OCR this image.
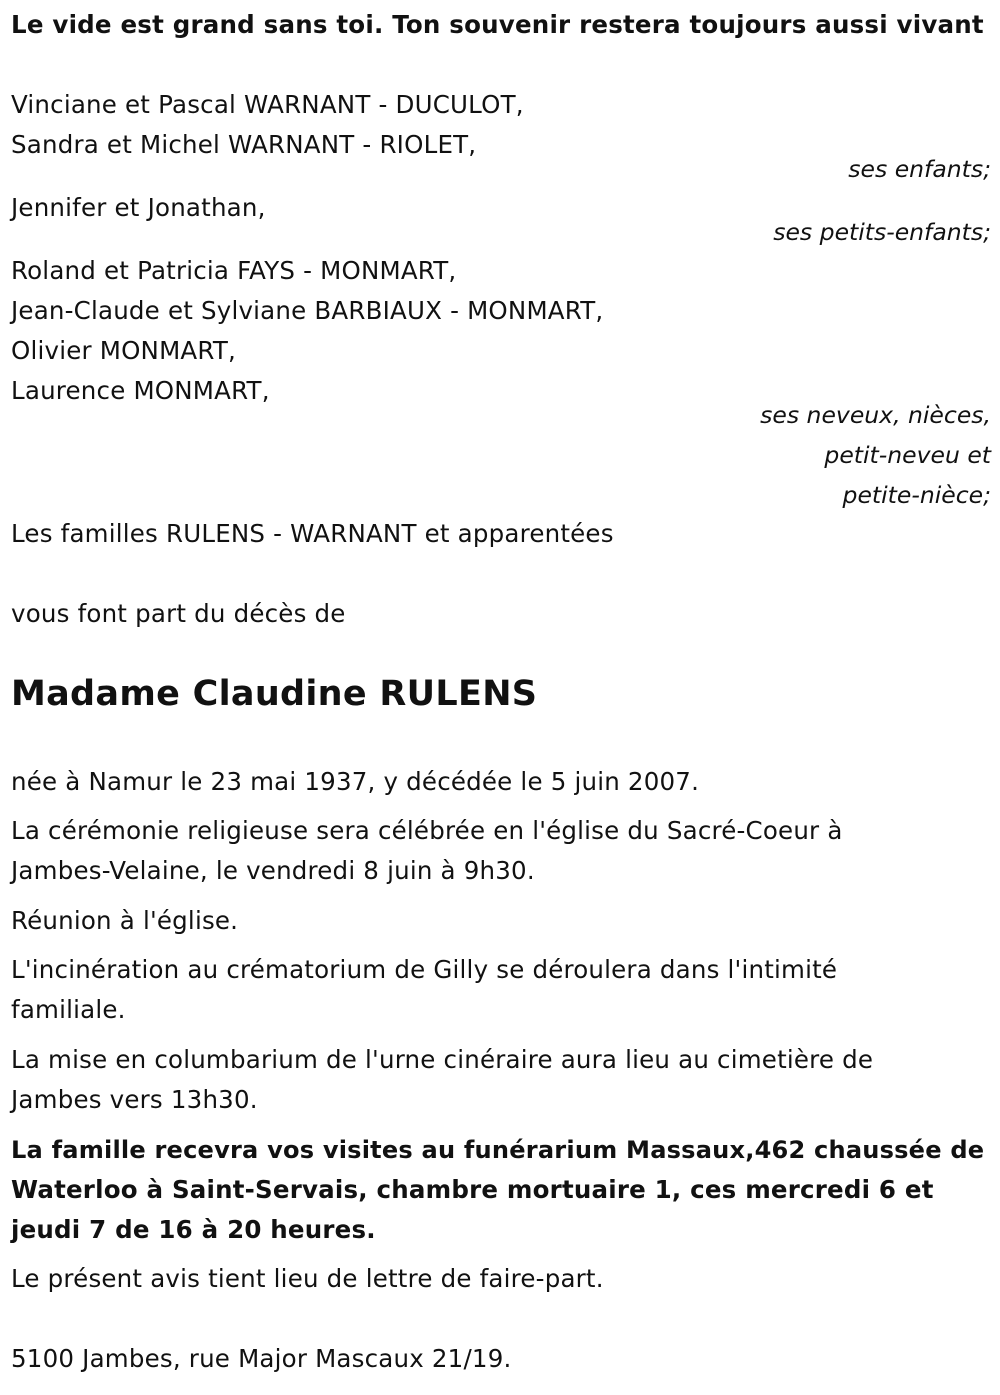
Le vide est grand sans toi. Ton souvenir restera toujours aussi vivant
Vinciane et Pascal WARNANT - DUCULOT,
Sandra et Michel WARNANT - RIOLET,
ses enfants;
Jennifer et Jonathan,
ses petits-enfants;
Roland et Patricia FAYS - MONMART,
Jean-Claude et Sylviane BARBIAUX - MONMART,
Olivier MONMART,
Laurence MONMART,
ses neveux, nièces,
petit-neveu et
petite-nièce;
Les familles RULENS - WARNANT et apparentées
vous font part du décès de
Madame Claudine RULENS
née à Namur le 23 mai 1937, y décédée le 5 juin 2007.
La cérémonie religieuse sera célébrée en l'église du Sacré-Coeur à
Jambes-Velaine, le vendredi 8 juin à 9h30.
Réunion à l'église.
L'incinération au crématorium de Gilly se déroulera dans l'intimité
familiale.
La mise en columbarium de l'urne cinéraire aura lieu au cimetière de
Jambes vers 13h30.
La famille recevra vos visites au funérarium Massaux,462 chaussée de
Waterloo à Saint-Servais, chambre mortuaire 1, ces mercredi 6 et
jeudi 7 de 16 à 20 heures.
Le présent avis tient lieu de lettre de faire-part.
5100 Jambes, rue Major Mascaux 21/19.
